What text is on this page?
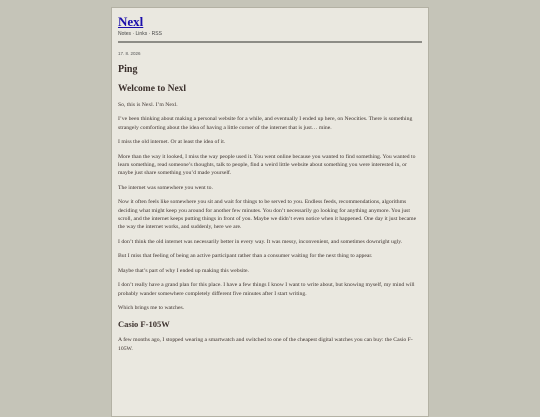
Nexl
Notes · Links · RSS
17. 8. 2026
Ping
Welcome to Nexl

So, this is Nexl. I’m Nexl.

I’ve been thinking about making a personal website for a while, and eventually I ended up here, on Neocities. There is something strangely comforting about the idea of having a little corner of the internet that is just… mine.

I miss the old internet. Or at least the idea of it.

More than the way it looked, I miss the way people used it. You went online because you wanted to find something. You wanted to learn something, read someone’s thoughts, talk to people, find a weird little website about something you were interested in, or maybe just share something you’d made yourself.

The internet was somewhere you went to.

Now it often feels like somewhere you sit and wait for things to be served to you. Endless feeds, recommendations, algorithms deciding what might keep you around for another few minutes. You don’t necessarily go looking for anything anymore. You just scroll, and the internet keeps putting things in front of you. Maybe we didn’t even notice when it happened. One day it just became the way the internet works, and suddenly, here we are.

I don’t think the old internet was necessarily better in every way. It was messy, inconvenient, and sometimes downright ugly.

But I miss that feeling of being an active participant rather than a consumer waiting for the next thing to appear.

Maybe that’s part of why I ended up making this website.

I don’t really have a grand plan for this place. I have a few things I know I want to write about, but knowing myself, my mind will probably wander somewhere completely different five minutes after I start writing.

Which brings me to watches.

Casio F-105W

A few months ago, I stopped wearing a smartwatch and switched to one of the cheapest digital watches you can buy: the Casio F-105W.
